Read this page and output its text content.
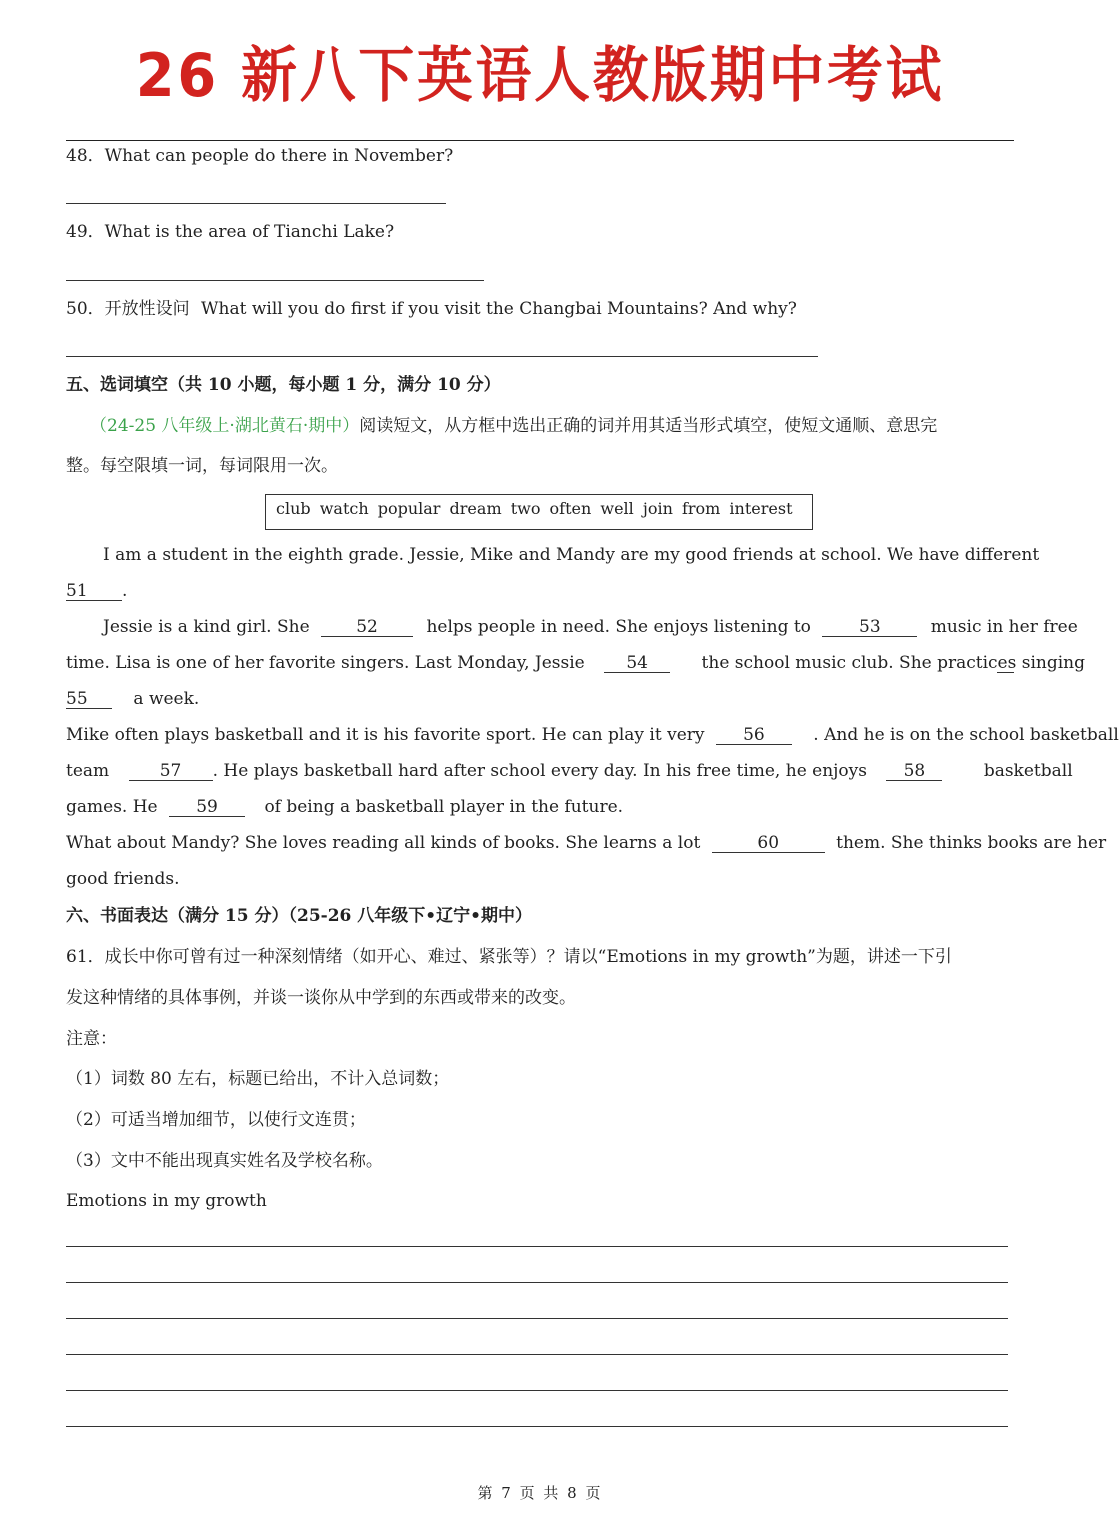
26 新八下英语人教版期中考试
48．What can people do there in November?
49．What is the area of Tianchi Lake?
50．开放性设问 What will you do first if you visit the Changbai Mountains? And why?
五、选词填空（共 10 小题，每小题 1 分，满分 10 分）
（24-25 八年级上·湖北黄石·期中）阅读短文，从方框中选出正确的词并用其适当形式填空，使短文通顺、意思完
整。每空限填一词，每词限用一次。
club watch popular dream two often well join from interest
I am a student in the eighth grade. Jessie, Mike and Mandy are my good friends at school. We have different
51 .
Jessie is a kind girl. She	52	helps people in need. She enjoys listening to	53	music in her free
time. Lisa is one of her favorite singers. Last Monday, Jessie 54	the school music club. She practices singing
55	a week.
Mike often plays basketball and it is his favorite sport. He can play it very 56	. And he is on the school basketball
team	57 . He plays basketball hard after school every day. In his free time, he enjoys 58	basketball
games. He 59	of being a basketball player in the future.
What about Mandy? She loves reading all kinds of books. She learns a lot	60	them. She thinks books are her
good friends.
六、书面表达（满分 15 分）（25-26 八年级下•辽宁•期中）
61．成长中你可曾有过一种深刻情绪（如开心、难过、紧张等）？请以“Emotions in my growth”为题，讲述一下引
发这种情绪的具体事例，并谈一谈你从中学到的东西或带来的改变。
注意：
（1）词数 80 左右，标题已给出，不计入总词数；
（2）可适当增加细节，以使行文连贯；
（3）文中不能出现真实姓名及学校名称。
Emotions in my growth
第 7 页 共 8 页
